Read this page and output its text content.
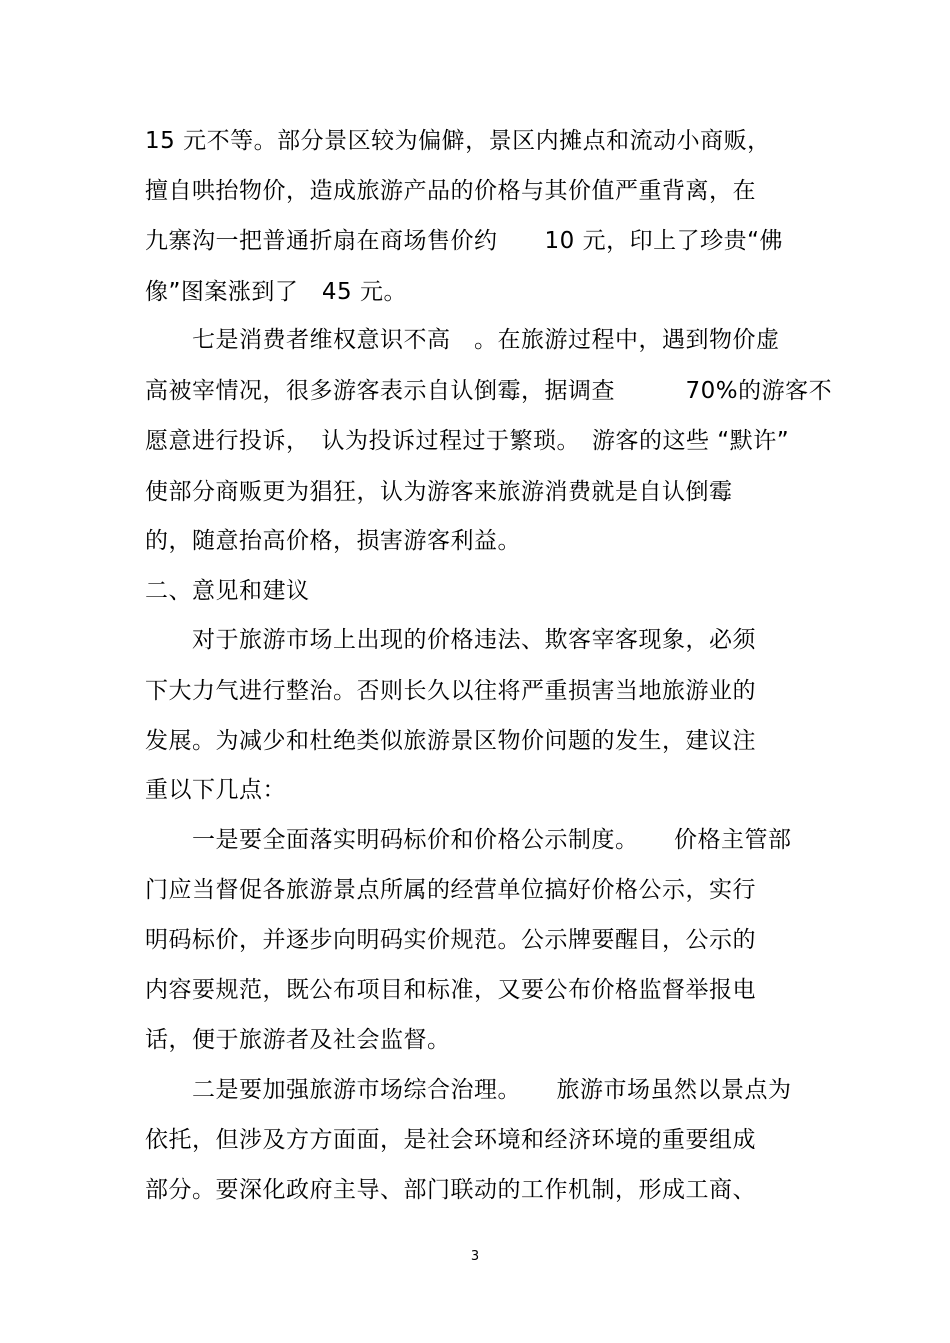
15 元不等。部分景区较为偏僻，景区内摊点和流动小商贩，
擅自哄抬物价，造成旅游产品的价格与其价值严重背离，在
九寨沟一把普通折扇在商场售价约　　10 元，印上了珍贵“佛
像”图案涨到了　45 元。
七是消费者维权意识不高　。在旅游过程中，遇到物价虚
高被宰情况，很多游客表示自认倒霉，据调查　　　70%的游客不
愿意进行投诉，　认为投诉过程过于繁琐。　游客的这些 “默许”
使部分商贩更为猖狂，认为游客来旅游消费就是自认倒霉
的，随意抬高价格，损害游客利益。
二、意见和建议
对于旅游市场上出现的价格违法、欺客宰客现象，必须
下大力气进行整治。否则长久以往将严重损害当地旅游业的
发展。为减少和杜绝类似旅游景区物价问题的发生，建议注
重以下几点：
一是要全面落实明码标价和价格公示制度。　　价格主管部
门应当督促各旅游景点所属的经营单位搞好价格公示，实行
明码标价，并逐步向明码实价规范。公示牌要醒目，公示的
内容要规范，既公布项目和标准，又要公布价格监督举报电
话，便于旅游者及社会监督。
二是要加强旅游市场综合治理。　　旅游市场虽然以景点为
依托，但涉及方方面面，是社会环境和经济环境的重要组成
部分。要深化政府主导、部门联动的工作机制，形成工商、
3
